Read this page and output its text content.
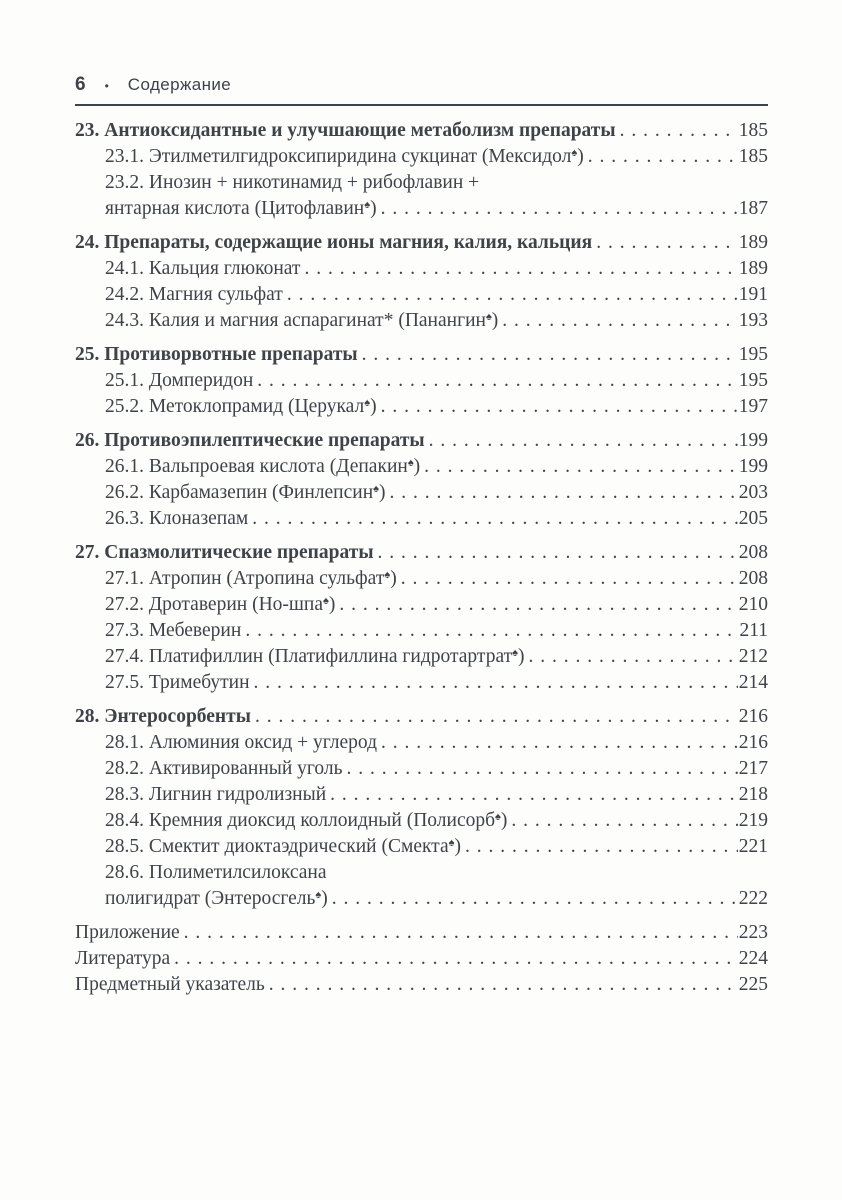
6 • Содержание
23. Антиоксидантные и улучшающие метаболизм препараты . . .	185
23.1. Этилметилгидроксипиридина сукцинат (Мексидол♠ ) . . .	185
23.2. Инозин + никотинамид + рибофлавин +
янтарная кислота (Цитофлавин♠ ) . . .	187
24. Препараты, содержащие ионы магния, калия, кальция . . .	189
24.1. Кальция глюконат . . .	189
24.2. Магния сульфат . . .	191
24.3. Калия и магния аспарагинат* (Панангин♠ ) . . .	193
25. Противорвотные препараты . . .	195
25.1. Домперидон . . .	195
25.2. Метоклопрамид (Церукал♠ ) . . .	197
26. Противоэпилептические препараты . . .	199
26.1. Вальпроевая кислота (Депакин♠ ) . . .	199
26.2. Карбамазепин (Финлепсин♠ ) . . .	203
26.3. Клоназепам . . .	205
27. Спазмолитические препараты . . .	208
27.1. Атропин (Атропина сульфат♠ ) . . .	208
27.2. Дротаверин (Но-шпа♠ ) . . .	210
27.3. Мебеверин . . .	211
27.4. Платифиллин (Платифиллина гидротартрат♠ ) . . .	212
27.5. Тримебутин . . .	214
28. Энтеросорбенты . . .	216
28.1. Алюминия оксид + углерод . . .	216
28.2. Активированный уголь . . .	217
28.3. Лигнин гидролизный . . .	218
28.4. Кремния диоксид коллоидный (Полисорб♠ ) . . .	219
28.5. Смектит диоктаэдрический (Смекта♠ ) . . .	221
28.6. Полиметилсилоксана
полигидрат (Энтеросгель♠ ) . . .	222
Приложение . . .	223
Литература . . .	224
Предметный указатель . . .	225
